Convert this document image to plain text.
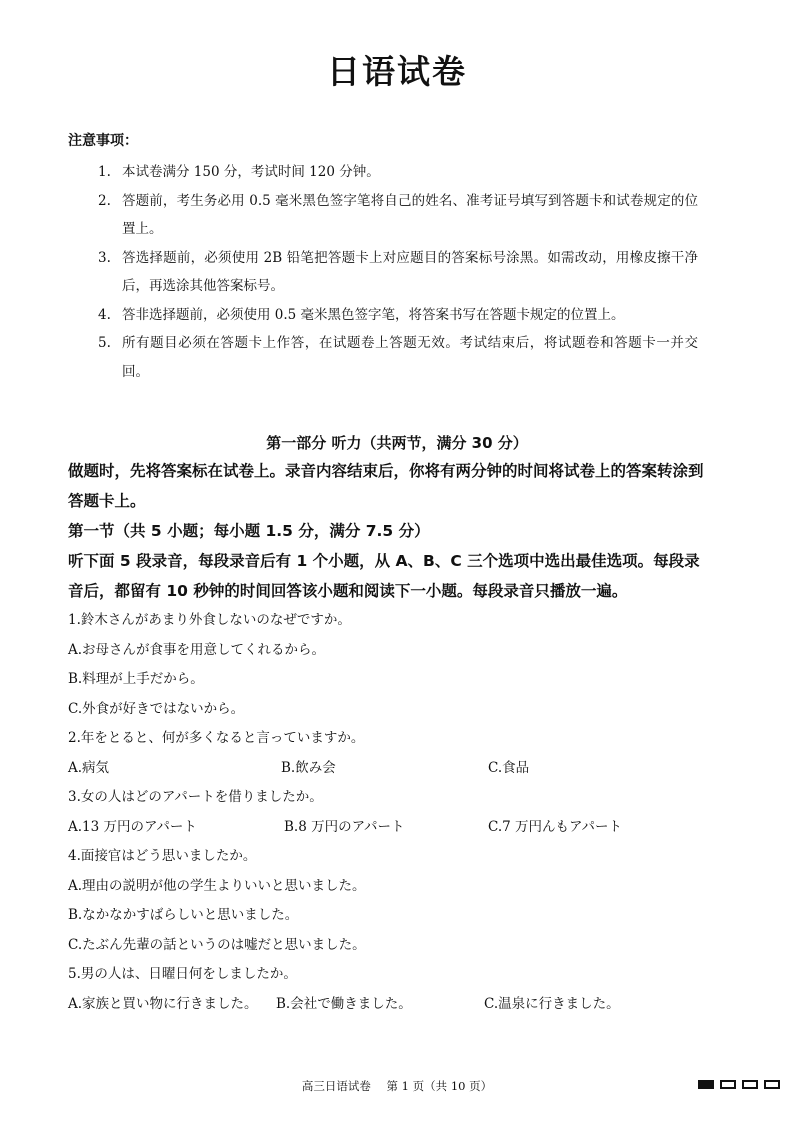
日语试卷
注意事项：
1. 本试卷满分 150 分，考试时间 120 分钟。
2. 答题前，考生务必用 0.5 毫米黑色签字笔将自己的姓名、准考证号填写到答题卡和试卷规定的位置上。
3. 答选择题前，必须使用 2B 铅笔把答题卡上对应题目的答案标号涂黑。如需改动，用橡皮擦干净后，再选涂其他答案标号。
4. 答非选择题前，必须使用 0.5 毫米黑色签字笔，将答案书写在答题卡规定的位置上。
5. 所有题目必须在答题卡上作答，在试题卷上答题无效。考试结束后，将试题卷和答题卡一并交回。
第一部分 听力（共两节，满分 30 分）
做题时，先将答案标在试卷上。录音内容结束后，你将有两分钟的时间将试卷上的答案转涂到答题卡上。
第一节（共 5 小题；每小题 1.5 分，满分 7.5 分）
听下面 5 段录音，每段录音后有 1 个小题，从 A、B、C 三个选项中选出最佳选项。每段录音后，都留有 10 秒钟的时间回答该小题和阅读下一小题。每段录音只播放一遍。
1.鈴木さんがあまり外食しないのなぜですか。
A.お母さんが食事を用意してくれるから。
B.料理が上手だから。
C.外食が好きではないから。
2.年をとると、何が多くなると言っていますか。
A.病気	B.飲み会	C.食品
3.女の人はどのアパートを借りましたか。
A.13 万円のアパート	B.8 万円のアパート	C.7 万円んもアパート
4.面接官はどう思いましたか。
A.理由の説明が他の学生よりいいと思いました。
B.なかなかすばらしいと思いました。
C.たぶん先輩の話というのは嘘だと思いました。
5.男の人は、日曜日何をしましたか。
A.家族と買い物に行きました。 B.会社で働きました。	C.温泉に行きました。
高三日语试卷 第 1 页（共 10 页）
